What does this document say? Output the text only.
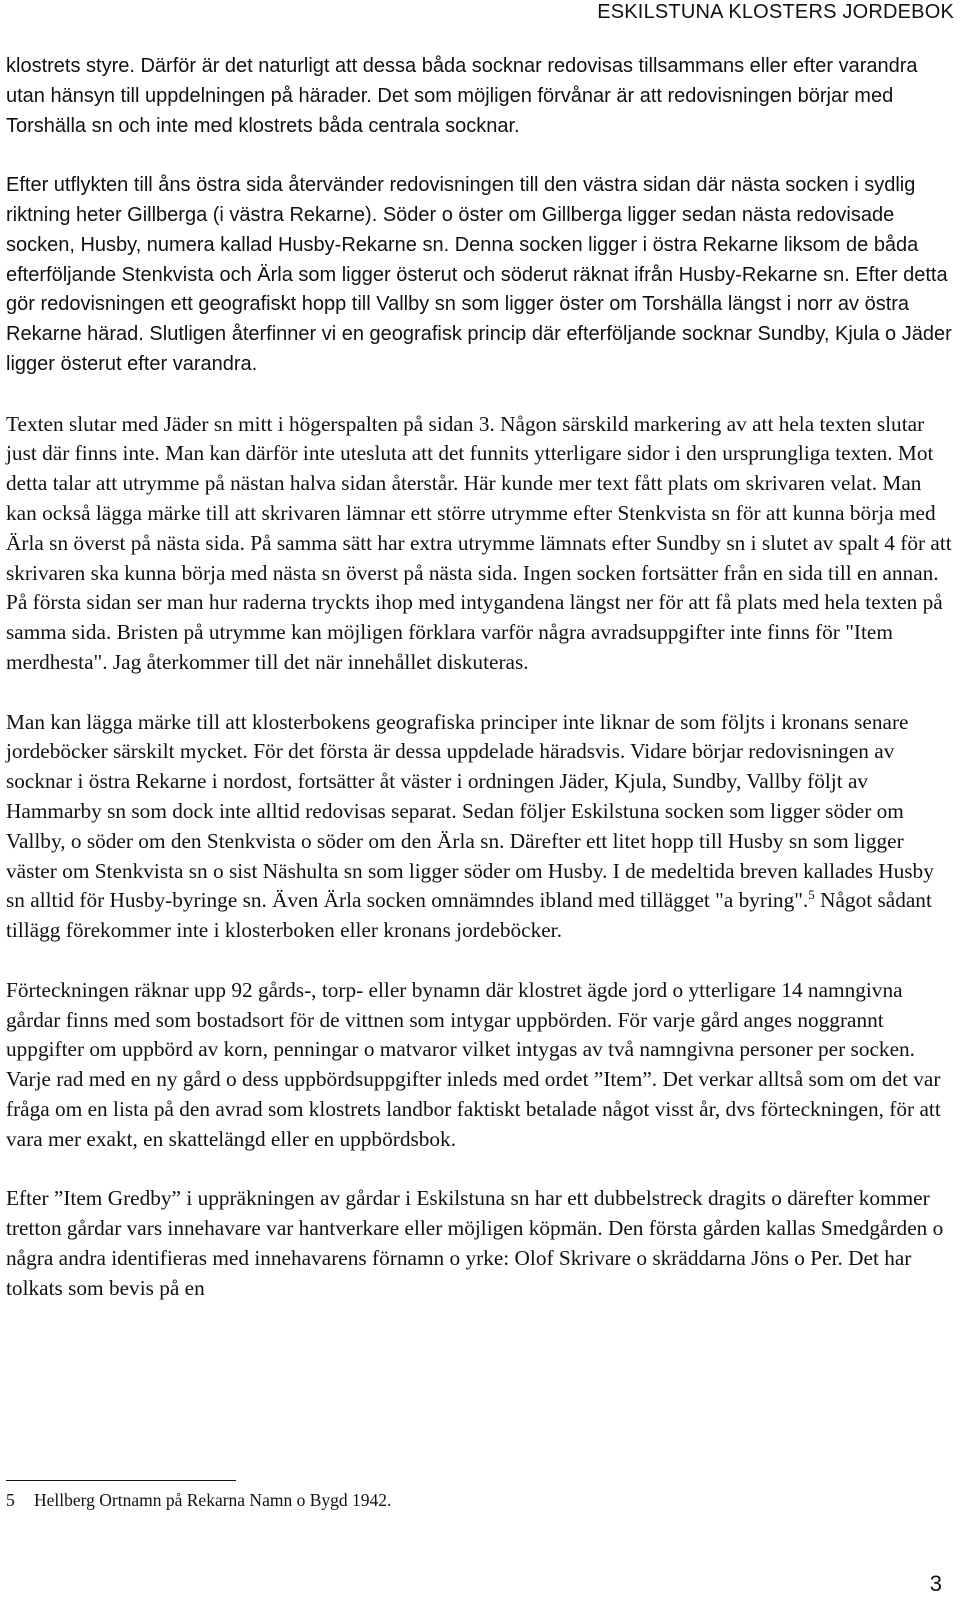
ESKILSTUNA KLOSTERS JORDEBOK

klostrets styre. Därför är det naturligt att dessa båda socknar redovisas tillsammans eller efter varandra utan hänsyn till uppdelningen på härader. Det som möjligen förvånar är att redovisningen börjar med Torshälla sn och inte med klostrets båda centrala socknar.

Efter utflykten till åns östra sida återvänder redovisningen till den västra sidan där nästa socken i sydlig riktning heter Gillberga (i västra Rekarne). Söder o öster om Gillberga ligger sedan nästa redovisade socken, Husby, numera kallad Husby-Rekarne sn. Denna socken ligger i östra Rekarne liksom de båda efterföljande Stenkvista och Ärla som ligger österut och söderut räknat ifrån Husby-Rekarne sn. Efter detta gör redovisningen ett geografiskt hopp till Vallby sn som ligger öster om Torshälla längst i norr av östra Rekarne härad. Slutligen återfinner vi en geografisk princip där efterföljande socknar Sundby, Kjula o Jäder ligger österut efter varandra.

Texten slutar med Jäder sn mitt i högerspalten på sidan 3. Någon särskild markering av att hela texten slutar just där finns inte. Man kan därför inte utesluta att det funnits ytterligare sidor i den ursprungliga texten. Mot detta talar att utrymme på nästan halva sidan återstår. Här kunde mer text fått plats om skrivaren velat. Man kan också lägga märke till att skrivaren lämnar ett större utrymme efter Stenkvista sn för att kunna börja med Ärla sn överst på nästa sida. På samma sätt har extra utrymme lämnats efter Sundby sn i slutet av spalt 4 för att skrivaren ska kunna börja med nästa sn överst på nästa sida. Ingen socken fortsätter från en sida till en annan. På första sidan ser man hur raderna tryckts ihop med intygandena längst ner för att få plats med hela texten på samma sida. Bristen på utrymme kan möjligen förklara varför några avradsuppgifter inte finns för "Item merdhesta". Jag återkommer till det när innehållet diskuteras.

Man kan lägga märke till att klosterbokens geografiska principer inte liknar de som följts i kronans senare jordeböcker särskilt mycket. För det första är dessa uppdelade häradsvis. Vidare börjar redovisningen av socknar i östra Rekarne i nordost, fortsätter åt väster i ordningen Jäder, Kjula, Sundby, Vallby följt av Hammarby sn som dock inte alltid redovisas separat. Sedan följer Eskilstuna socken som ligger söder om Vallby, o söder om den Stenkvista o söder om den Ärla sn. Därefter ett litet hopp till Husby sn som ligger väster om Stenkvista sn o sist Näshulta sn som ligger söder om Husby. I de medeltida breven kallades Husby sn alltid för Husby-byringe sn. Även Ärla socken omnämndes ibland med tillägget "a byring".$^5$ Något sådant tillägg förekommer inte i klosterboken eller kronans jordeböcker.

Förteckningen räknar upp 92 gårds-, torp- eller bynamn där klostret ägde jord o ytterligare 14 namngivna gårdar finns med som bostadsort för de vittnen som intygar uppbörden. För varje gård anges noggrannt uppgifter om uppbörd av korn, penningar o matvaror vilket intygas av två namngivna personer per socken. Varje rad med en ny gård o dess uppbördsuppgifter inleds med ordet ”Item”. Det verkar alltså som om det var fråga om en lista på den avrad som klostrets landbor faktiskt betalade något visst år, dvs förteckningen, för att vara mer exakt, en skattelängd eller en uppbördsbok.

Efter ”Item Gredby” i uppräkningen av gårdar i Eskilstuna sn har ett dubbelstreck dragits o därefter kommer tretton gårdar vars innehavare var hantverkare eller möjligen köpmän. Den första gården kallas Smedgården o några andra identifieras med innehavarens förnamn o yrke: Olof Skrivare o skräddarna Jöns o Per. Det har tolkats som bevis på en

5 Hellberg Ortnamn på Rekarna Namn o Bygd 1942.
3
